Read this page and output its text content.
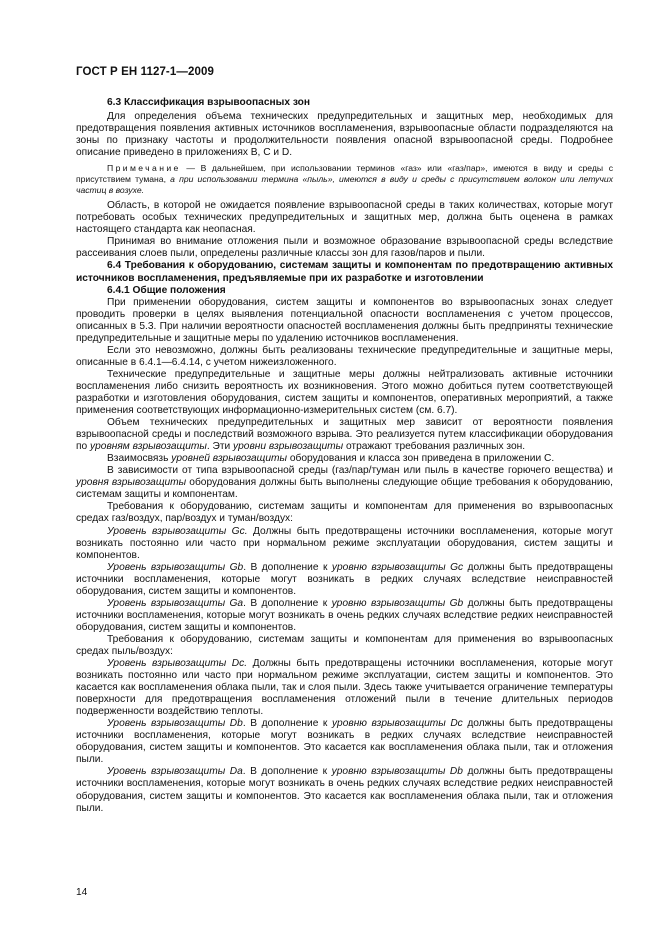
ГОСТ Р ЕН 1127-1—2009

6.3 Классификация взрывоопасных зон

Для определения объема технических предупредительных и защитных мер, необходимых для предотвращения появления активных источников воспламенения, взрывоопасные области подразделяются на зоны по признаку частоты и продолжительности появления опасной взрывоопасной среды. Подробнее описание приведено в приложениях В, С и D.

Примечание — В дальнейшем, при использовании терминов «газ» или «газ/пар», имеются в виду и среды с присутствием тумана, а при использовании термина «пыль», имеются в виду и среды с присутствием волокон или летучих частиц в возухе.

Область, в которой не ожидается появление взрывоопасной среды в таких количествах, которые могут потребовать особых технических предупредительных и защитных мер, должна быть оценена в рамках настоящего стандарта как неопасная.

Принимая во внимание отложения пыли и возможное образование взрывоопасной среды вследствие рассеивания слоев пыли, определены различные классы зон для газов/паров и пыли.

6.4 Требования к оборудованию, системам защиты и компонентам по предотвращению активных источников воспламенения, предъявляемые при их разработке и изготовлении

6.4.1 Общие положения

При применении оборудования, систем защиты и компонентов во взрывоопасных зонах следует проводить проверки в целях выявления потенциальной опасности воспламенения с учетом процессов, описанных в 5.3. При наличии вероятности опасностей воспламенения должны быть предприняты технические предупредительные и защитные меры по удалению источников воспламенения.

Если это невозможно, должны быть реализованы технические предупредительные и защитные меры, описанные в 6.4.1—6.4.14, с учетом нижеизложенного.

Технические предупредительные и защитные меры должны нейтрализовать активные источники воспламенения либо снизить вероятность их возникновения. Этого можно добиться путем соответствующей разработки и изготовления оборудования, систем защиты и компонентов, оперативных мероприятий, а также применения соответствующих информационно-измерительных систем (см. 6.7).

Объем технических предупредительных и защитных мер зависит от вероятности появления взрывоопасной среды и последствий возможного взрыва. Это реализуется путем классификации оборудования по уровням взрывозащиты. Эти уровни взрывозащиты отражают требования различных зон.

Взаимосвязь уровней взрывозащиты оборудования и класса зон приведена в приложении С.

В зависимости от типа взрывоопасной среды (газ/пар/туман или пыль в качестве горючего вещества) и уровня взрывозащиты оборудования должны быть выполнены следующие общие требования к оборудованию, системам защиты и компонентам.

Требования к оборудованию, системам защиты и компонентам для применения во взрывоопасных средах газ/воздух, пар/воздух и туман/воздух:

Уровень взрывозащиты Gc. Должны быть предотвращены источники воспламенения, которые могут возникать постоянно или часто при нормальном режиме эксплуатации оборудования, систем защиты и компонентов.

Уровень взрывозащиты Gb. В дополнение к уровню взрывозащиты Gc должны быть предотвращены источники воспламенения, которые могут возникать в редких случаях вследствие неисправностей оборудования, систем защиты и компонентов.

Уровень взрывозащиты Ga. В дополнение к уровню взрывозащиты Gb должны быть предотвращены источники воспламенения, которые могут возникать в очень редких случаях вследствие редких неисправностей оборудования, систем защиты и компонентов.

Требования к оборудованию, системам защиты и компонентам для применения во взрывоопасных средах пыль/воздух:

Уровень взрывозащиты Dc. Должны быть предотвращены источники воспламенения, которые могут возникать постоянно или часто при нормальном режиме эксплуатации, систем защиты и компонентов. Это касается как воспламенения облака пыли, так и слоя пыли. Здесь также учитывается ограничение температуры поверхности для предотвращения воспламенения отложений пыли в течение длительных периодов подверженности воздействию теплоты.

Уровень взрывозащиты Db. В дополнение к уровню взрывозащиты Dc должны быть предотвращены источники воспламенения, которые могут возникать в редких случаях вследствие неисправностей оборудования, систем защиты и компонентов. Это касается как воспламенения облака пыли, так и отложения пыли.

Уровень взрывозащиты Da. В дополнение к уровню взрывозащиты Db должны быть предотвращены источники воспламенения, которые могут возникать в очень редких случаях вследствие редких неисправностей оборудования, систем защиты и компонентов. Это касается как воспламенения облака пыли, так и отложения пыли.

14
